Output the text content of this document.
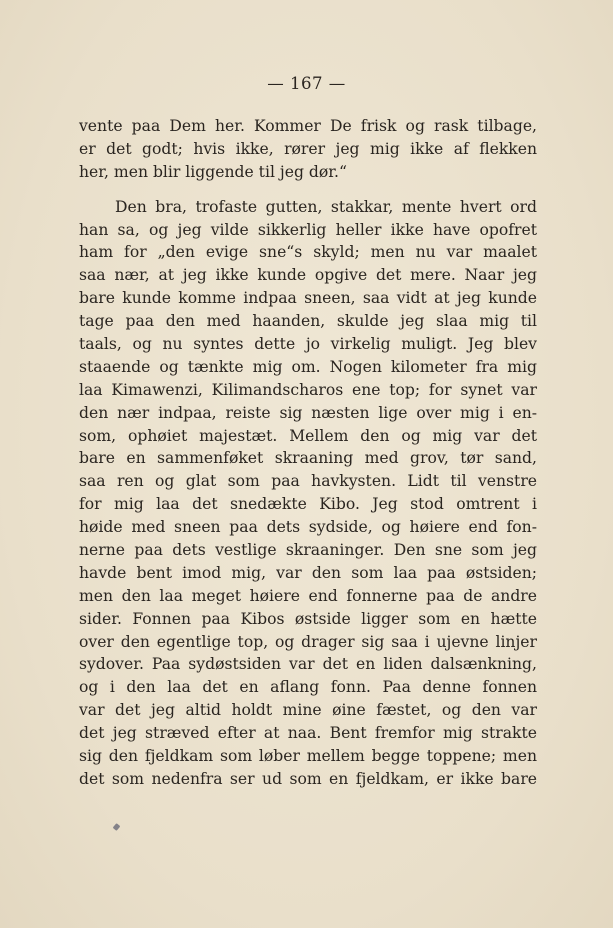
— 167 —
vente paa Dem her. Kommer De frisk og rask tilbage,
er det godt; hvis ikke, rører jeg mig ikke af flekken
her, men blir liggende til jeg dør.“
Den bra, trofaste gutten, stakkar, mente hvert ord
han sa, og jeg vilde sikkerlig heller ikke have opofret
ham for „den evige sne“s skyld; men nu var maalet
saa nær, at jeg ikke kunde opgive det mere. Naar jeg
bare kunde komme indpaa sneen, saa vidt at jeg kunde
tage paa den med haanden, skulde jeg slaa mig til
taals, og nu syntes dette jo virkelig muligt. Jeg blev
staaende og tænkte mig om. Nogen kilometer fra mig
laa Kimawenzi, Kilimandscharos ene top; for synet var
den nær indpaa, reiste sig næsten lige over mig i en-
som, ophøiet majestæt. Mellem den og mig var det
bare en sammenføket skraaning med grov, tør sand,
saa ren og glat som paa havkysten. Lidt til venstre
for mig laa det snedækte Kibo. Jeg stod omtrent i
høide med sneen paa dets sydside, og høiere end fon-
nerne paa dets vestlige skraaninger. Den sne som jeg
havde bent imod mig, var den som laa paa østsiden;
men den laa meget høiere end fonnerne paa de andre
sider. Fonnen paa Kibos østside ligger som en hætte
over den egentlige top, og drager sig saa i ujevne linjer
sydover. Paa sydøstsiden var det en liden dalsænkning,
og i den laa det en aflang fonn. Paa denne fonnen
var det jeg altid holdt mine øine fæstet, og den var
det jeg stræved efter at naa. Bent fremfor mig strakte
sig den fjeldkam som løber mellem begge toppene; men
det som nedenfra ser ud som en fjeldkam, er ikke bare
